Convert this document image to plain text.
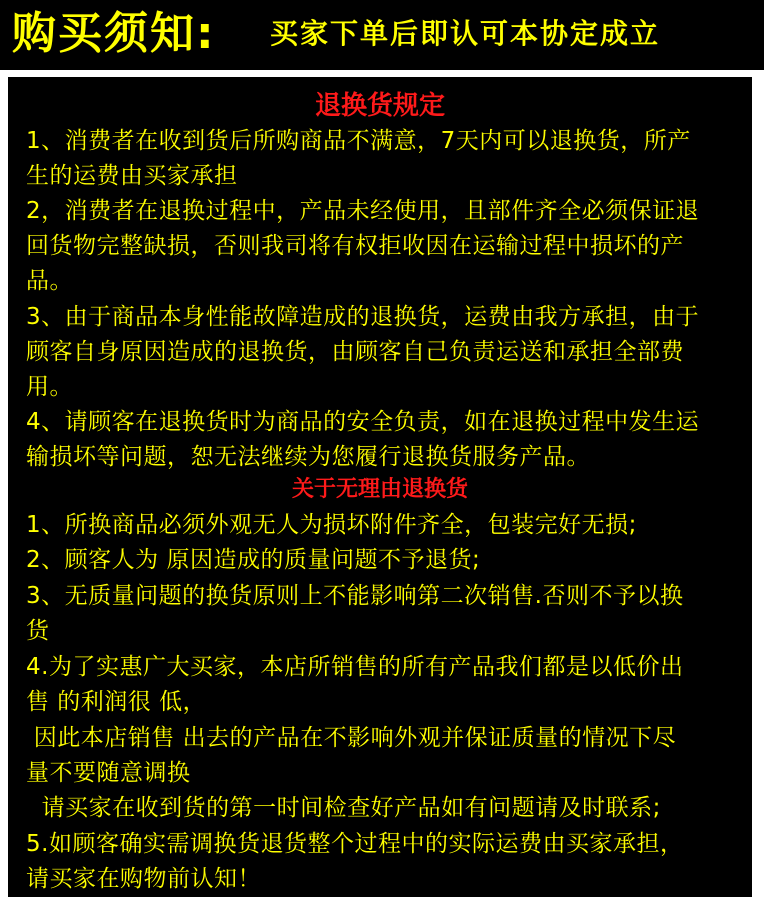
购买须知: 买家下单后即认可本协定成立
退换货规定
1、消费者在收到货后所购商品不满意，7天内可以退换货，所产
生的运费由买家承担
2，消费者在退换过程中，产品未经使用，且部件齐全必须保证退
回货物完整缺损，否则我司将有权拒收因在运输过程中损坏的产
品。
3、由于商品本身性能故障造成的退换货，运费由我方承担，由于
顾客自身原因造成的退换货，由顾客自己负责运送和承担全部费
用。
4、请顾客在退换货时为商品的安全负责，如在退换过程中发生运
输损坏等问题，恕无法继续为您履行退换货服务产品。
关于无理由退换货
1、所换商品必须外观无人为损坏附件齐全，包装完好无损;
2、顾客人为 原因造成的质量问题不予退货;
3、无质量问题的换货原则上不能影响第二次销售.否则不予以换
货
4.为了实惠广大买家，本店所销售的所有产品我们都是以低价出
售 的利润很 低，
因此本店销售 出去的产品在不影响外观并保证质量的情况下尽
量不要随意调换
请买家在收到货的第一时间检查好产品如有问题请及时联系;
5.如顾客确实需调换货退货整个过程中的实际运费由买家承担，
请买家在购物前认知！
